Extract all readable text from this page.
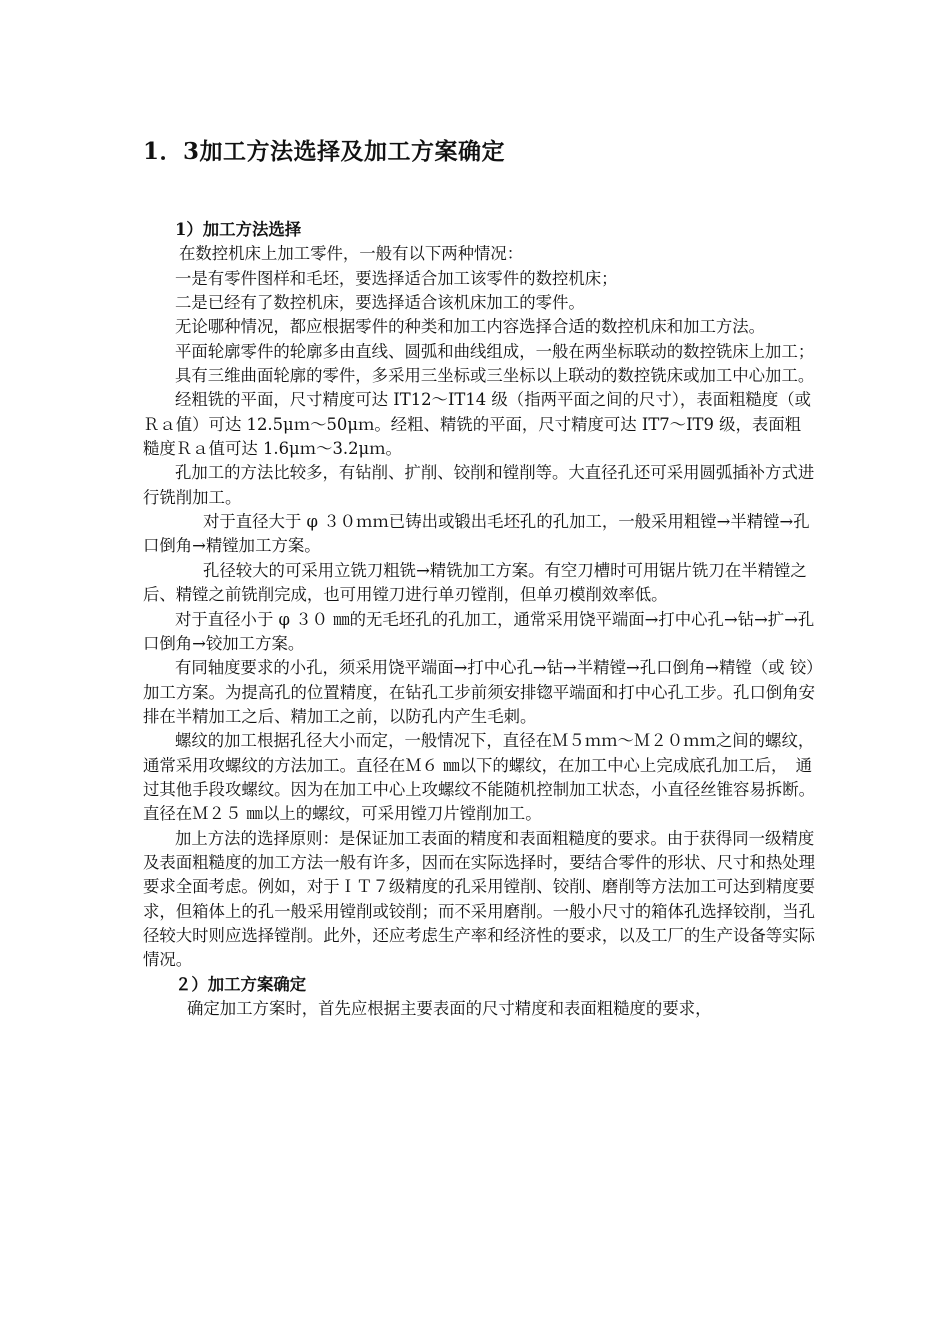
1．3加工方法选择及加工方案确定

1）加工方法选择

在数控机床上加工零件，一般有以下两种情况：

一是有零件图样和毛坯，要选择适合加工该零件的数控机床；

二是已经有了数控机床，要选择适合该机床加工的零件。

无论哪种情况，都应根据零件的种类和加工内容选择合适的数控机床和加工方法。

平面轮廓零件的轮廓多由直线、圆弧和曲线组成，一般在两坐标联动的数控铣床上加工；

具有三维曲面轮廓的零件，多采用三坐标或三坐标以上联动的数控铣床或加工中心加工。

经粗铣的平面，尺寸精度可达 IT12～IT14 级（指两平面之间的尺寸），表面粗糙度（或Ｒａ值）可达 12.5μｍ～50μｍ。经粗、精铣的平面，尺寸精度可达 IT7～IT9 级，表面粗糙度Ｒａ值可达 1.6μｍ～3.2μｍ。

孔加工的方法比较多，有钻削、扩削、铰削和镗削等。大直径孔还可采用圆弧插补方式进行铣削加工。

对于直径大于 φ ３０ｍｍ已铸出或锻出毛坯孔的孔加工，一般采用粗镗→半精镗→孔口倒角→精镗加工方案。

孔径较大的可采用立铣刀粗铣→精铣加工方案。有空刀槽时可用锯片铣刀在半精镗之　后、精镗之前铣削完成，也可用镗刀进行单刃镗削，但单刃模削效率低。

对于直径小于 φ ３０ ㎜的无毛坯孔的孔加工，通常采用饶平端面→打中心孔→钻→扩→孔口倒角→铰加工方案。

有同轴度要求的小孔，须采用饶平端面→打中心孔→钻→半精镗→孔口倒角→精镗（或 铰）加工方案。为提高孔的位置精度，在钻孔工步前须安排锪平端面和打中心孔工步。孔口倒角安排在半精加工之后、精加工之前，以防孔内产生毛刺。

螺纹的加工根据孔径大小而定，一般情况下，直径在Ｍ５ｍｍ～Ｍ２０ｍｍ之间的螺纹，　通常采用攻螺纹的方法加工。直径在Ｍ６ ㎜以下的螺纹，在加工中心上完成底孔加工后，　通过其他手段攻螺纹。因为在加工中心上攻螺纹不能随机控制加工状态，小直径丝锥容易拆断。直径在Ｍ２５ ㎜以上的螺纹，可采用镗刀片镗削加工。

加上方法的选择原则：是保证加工表面的精度和表面粗糙度的要求。由于获得同一级精度及表面粗糙度的加工方法一般有许多，因而在实际选择时，要结合零件的形状、尺寸和热处理要求全面考虑。例如，对于ＩＴ７级精度的孔采用镗削、铰削、磨削等方法加工可达到精度要求，但箱体上的孔一般采用镗削或铰削；而不采用磨削。一般小尺寸的箱体孔选择铰削，当孔径较大时则应选择镗削。此外，还应考虑生产率和经济性的要求，以及工厂的生产设备等实际情况。

２）加工方案确定

确定加工方案时，首先应根据主要表面的尺寸精度和表面粗糙度的要求，
